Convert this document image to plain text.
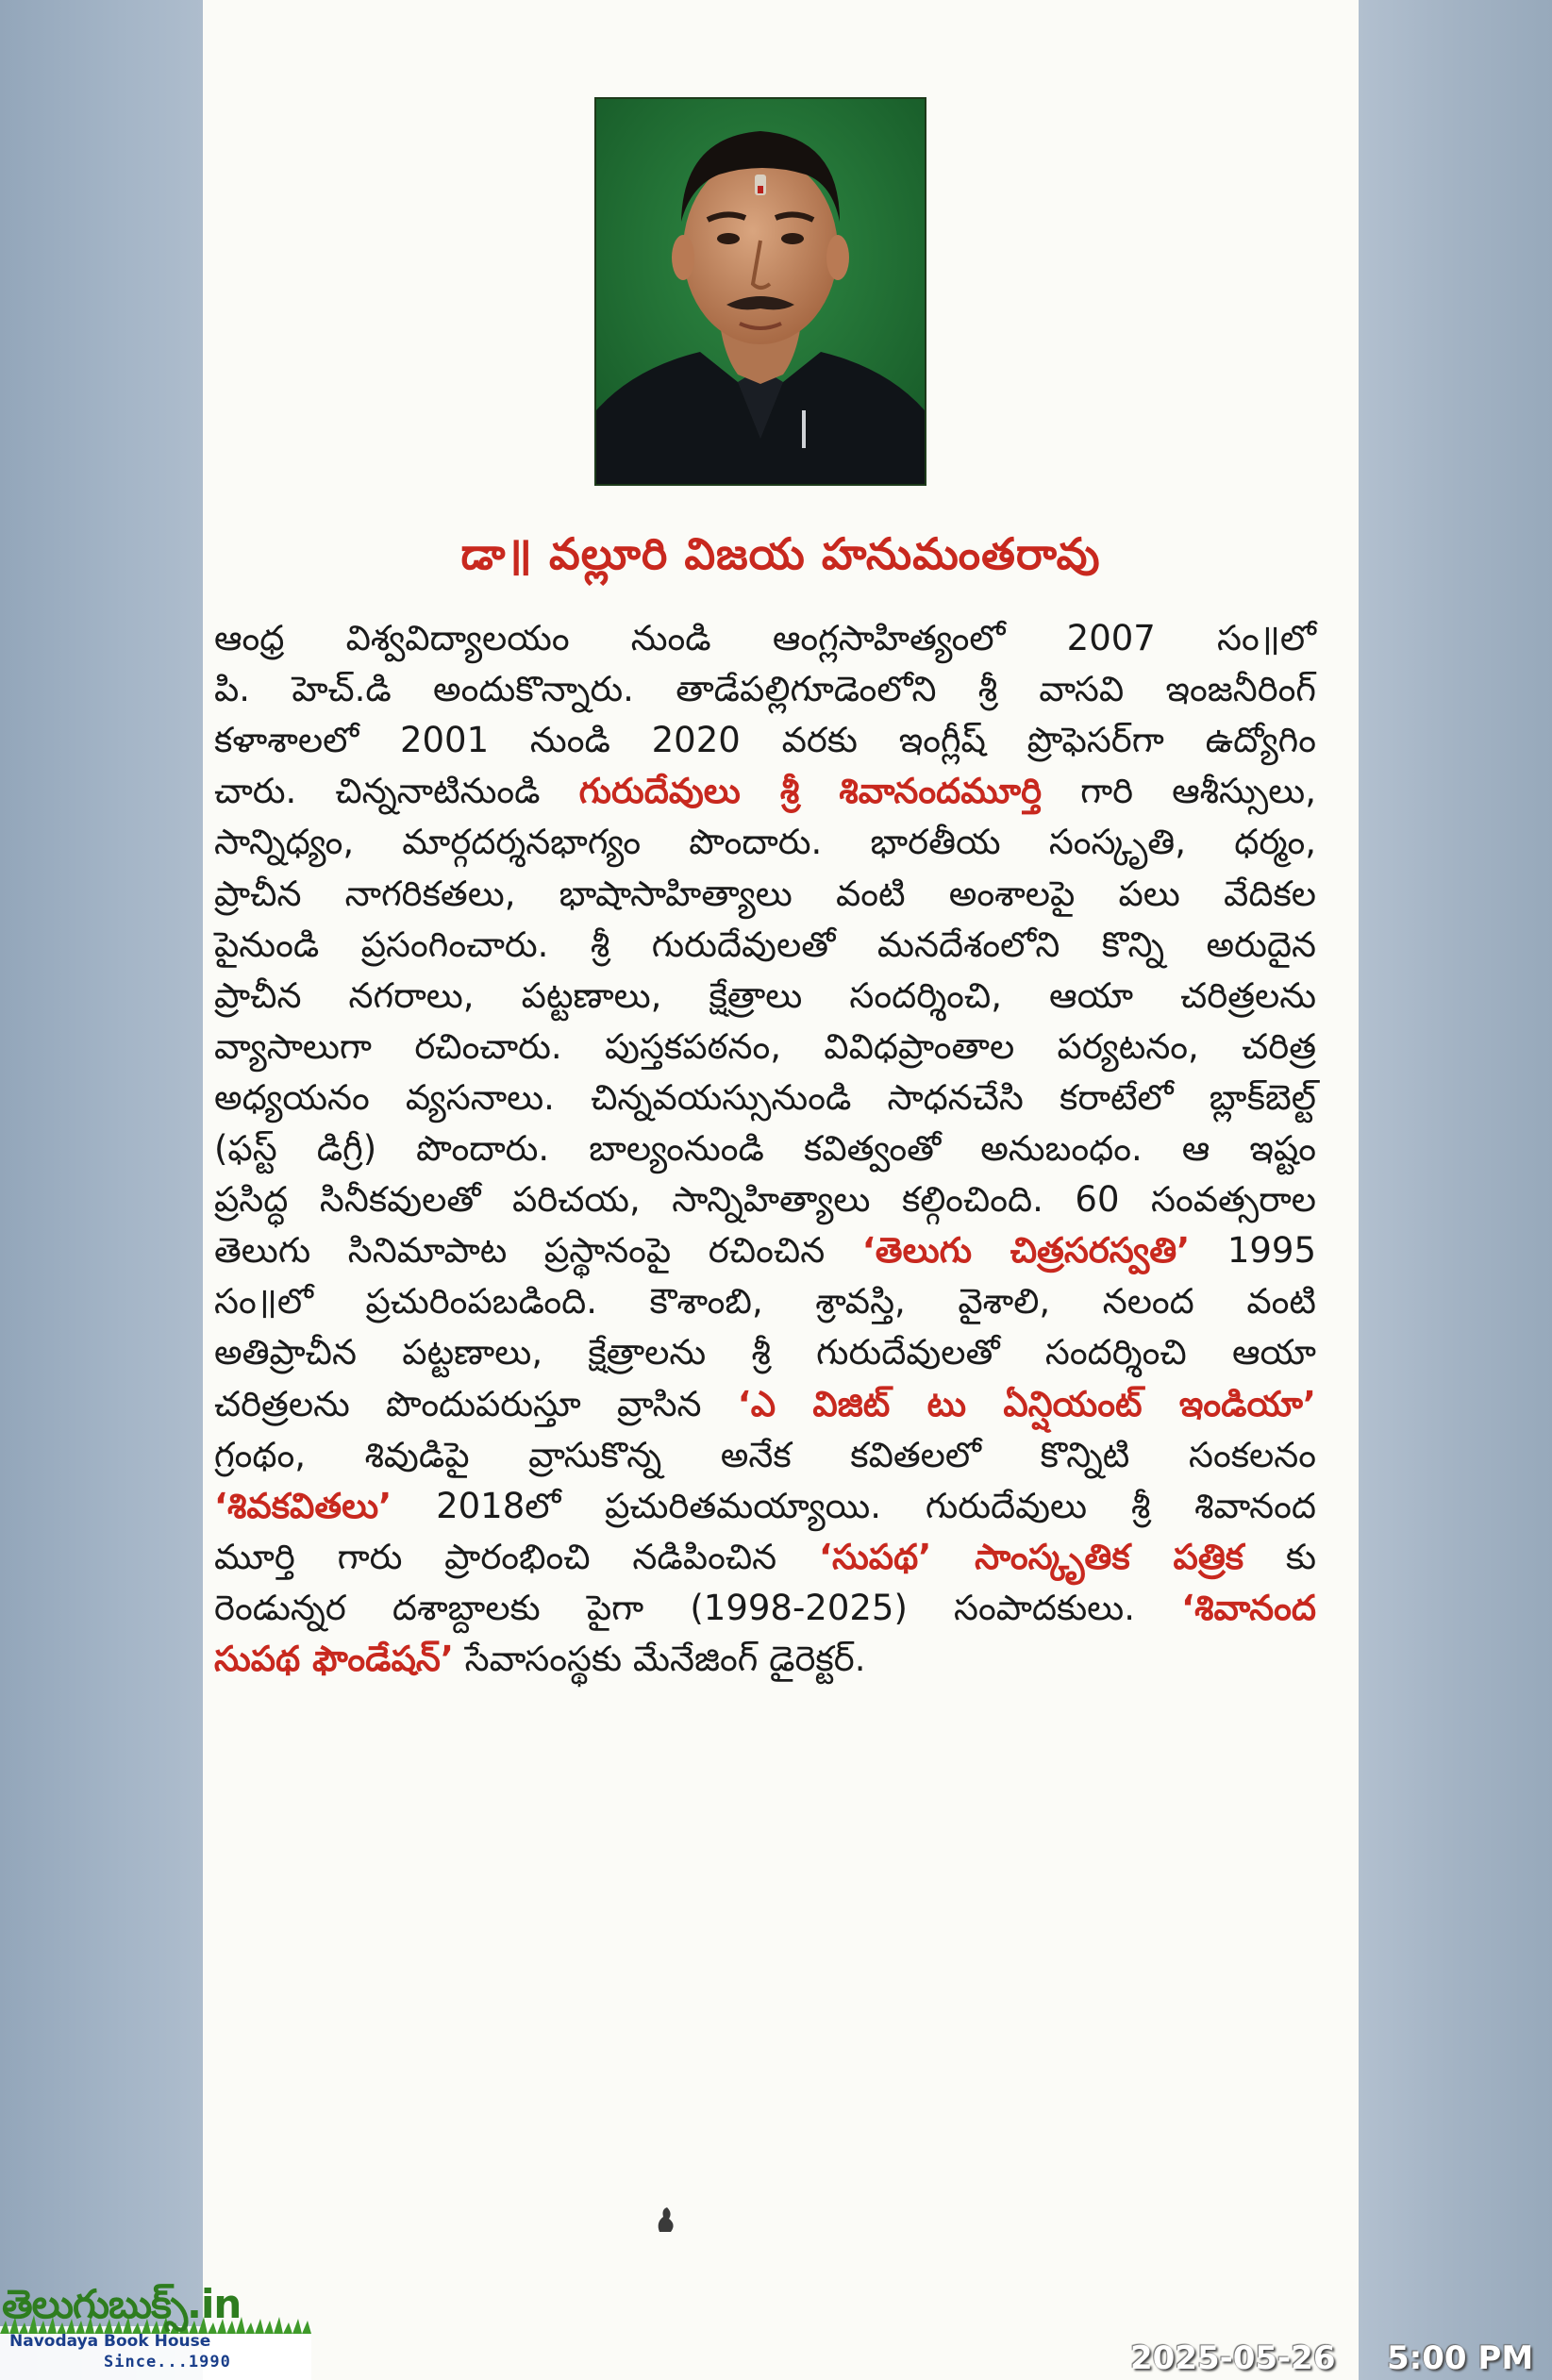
డా॥ వల్లూరి విజయ హనుమంతరావు
ఆంధ్ర విశ్వవిద్యాలయం నుండి ఆంగ్లసాహిత్యంలో 2007 సం॥లో
పి. హెచ్.డి అందుకొన్నారు. తాడేపల్లిగూడెంలోని శ్రీ వాసవి ఇంజనీరింగ్
కళాశాలలో 2001 నుండి 2020 వరకు ఇంగ్లీష్ ప్రొఫెసర్‌గా ఉద్యోగిం
చారు. చిన్ననాటినుండి గురుదేవులు శ్రీ శివానందమూర్తి గారి ఆశీస్సులు,
సాన్నిధ్యం, మార్గదర్శనభాగ్యం పొందారు. భారతీయ సంస్కృతి, ధర్మం,
ప్రాచీన నాగరికతలు, భాషాసాహిత్యాలు వంటి అంశాలపై పలు వేదికల
పైనుండి ప్రసంగించారు. శ్రీ గురుదేవులతో మనదేశంలోని కొన్ని అరుదైన
ప్రాచీన నగరాలు, పట్టణాలు, క్షేత్రాలు సందర్శించి, ఆయా చరిత్రలను
వ్యాసాలుగా రచించారు. పుస్తకపఠనం, వివిధప్రాంతాల పర్యటనం, చరిత్ర
అధ్యయనం వ్యసనాలు. చిన్నవయస్సునుండి సాధనచేసి కరాటేలో బ్లాక్‌బెల్ట్
(ఫస్ట్ డిగ్రీ) పొందారు. బాల్యంనుండి కవిత్వంతో అనుబంధం. ఆ ఇష్టం
ప్రసిద్ధ సినీకవులతో పరిచయ, సాన్నిహిత్యాలు కల్గించింది. 60 సంవత్సరాల
తెలుగు సినిమాపాట ప్రస్థానంపై రచించిన ‘తెలుగు చిత్రసరస్వతి’ 1995
సం॥లో ప్రచురింపబడింది. కౌశాంబి, శ్రావస్తి, వైశాలి, నలంద వంటి
అతిప్రాచీన పట్టణాలు, క్షేత్రాలను శ్రీ గురుదేవులతో సందర్శించి ఆయా
చరిత్రలను పొందుపరుస్తూ వ్రాసిన ‘ఎ విజిట్ టు ఏన్షియంట్ ఇండియా’
గ్రంథం, శివుడిపై వ్రాసుకొన్న అనేక కవితలలో కొన్నిటి సంకలనం
‘శివకవితలు’ 2018లో ప్రచురితమయ్యాయి. గురుదేవులు శ్రీ శివానంద
మూర్తి గారు ప్రారంభించి నడిపించిన ‘సుపథ’ సాంస్కృతిక పత్రిక కు
రెండున్నర దశాబ్దాలకు పైగా (1998-2025) సంపాదకులు. ‘శివానంద
సుపథ ఫౌండేషన్’ సేవాసంస్థకు మేనేజింగ్ డైరెక్టర్.
తెలుగుబుక్స్.in
Navodaya Book House
Since...1990	2025-05-26 5:00 PM
